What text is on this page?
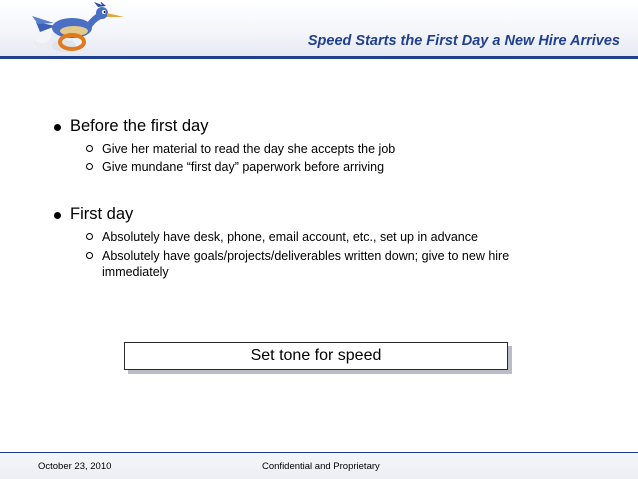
Speed Starts the First Day a New Hire Arrives
Before the first day
Give her material to read the day she accepts the job
Give mundane “first day” paperwork before arriving
First day
Absolutely have desk, phone, email account, etc., set up in advance
Absolutely have goals/projects/deliverables written down; give to new hire immediately
Set tone for speed
October 23, 2010	Confidential and Proprietary
